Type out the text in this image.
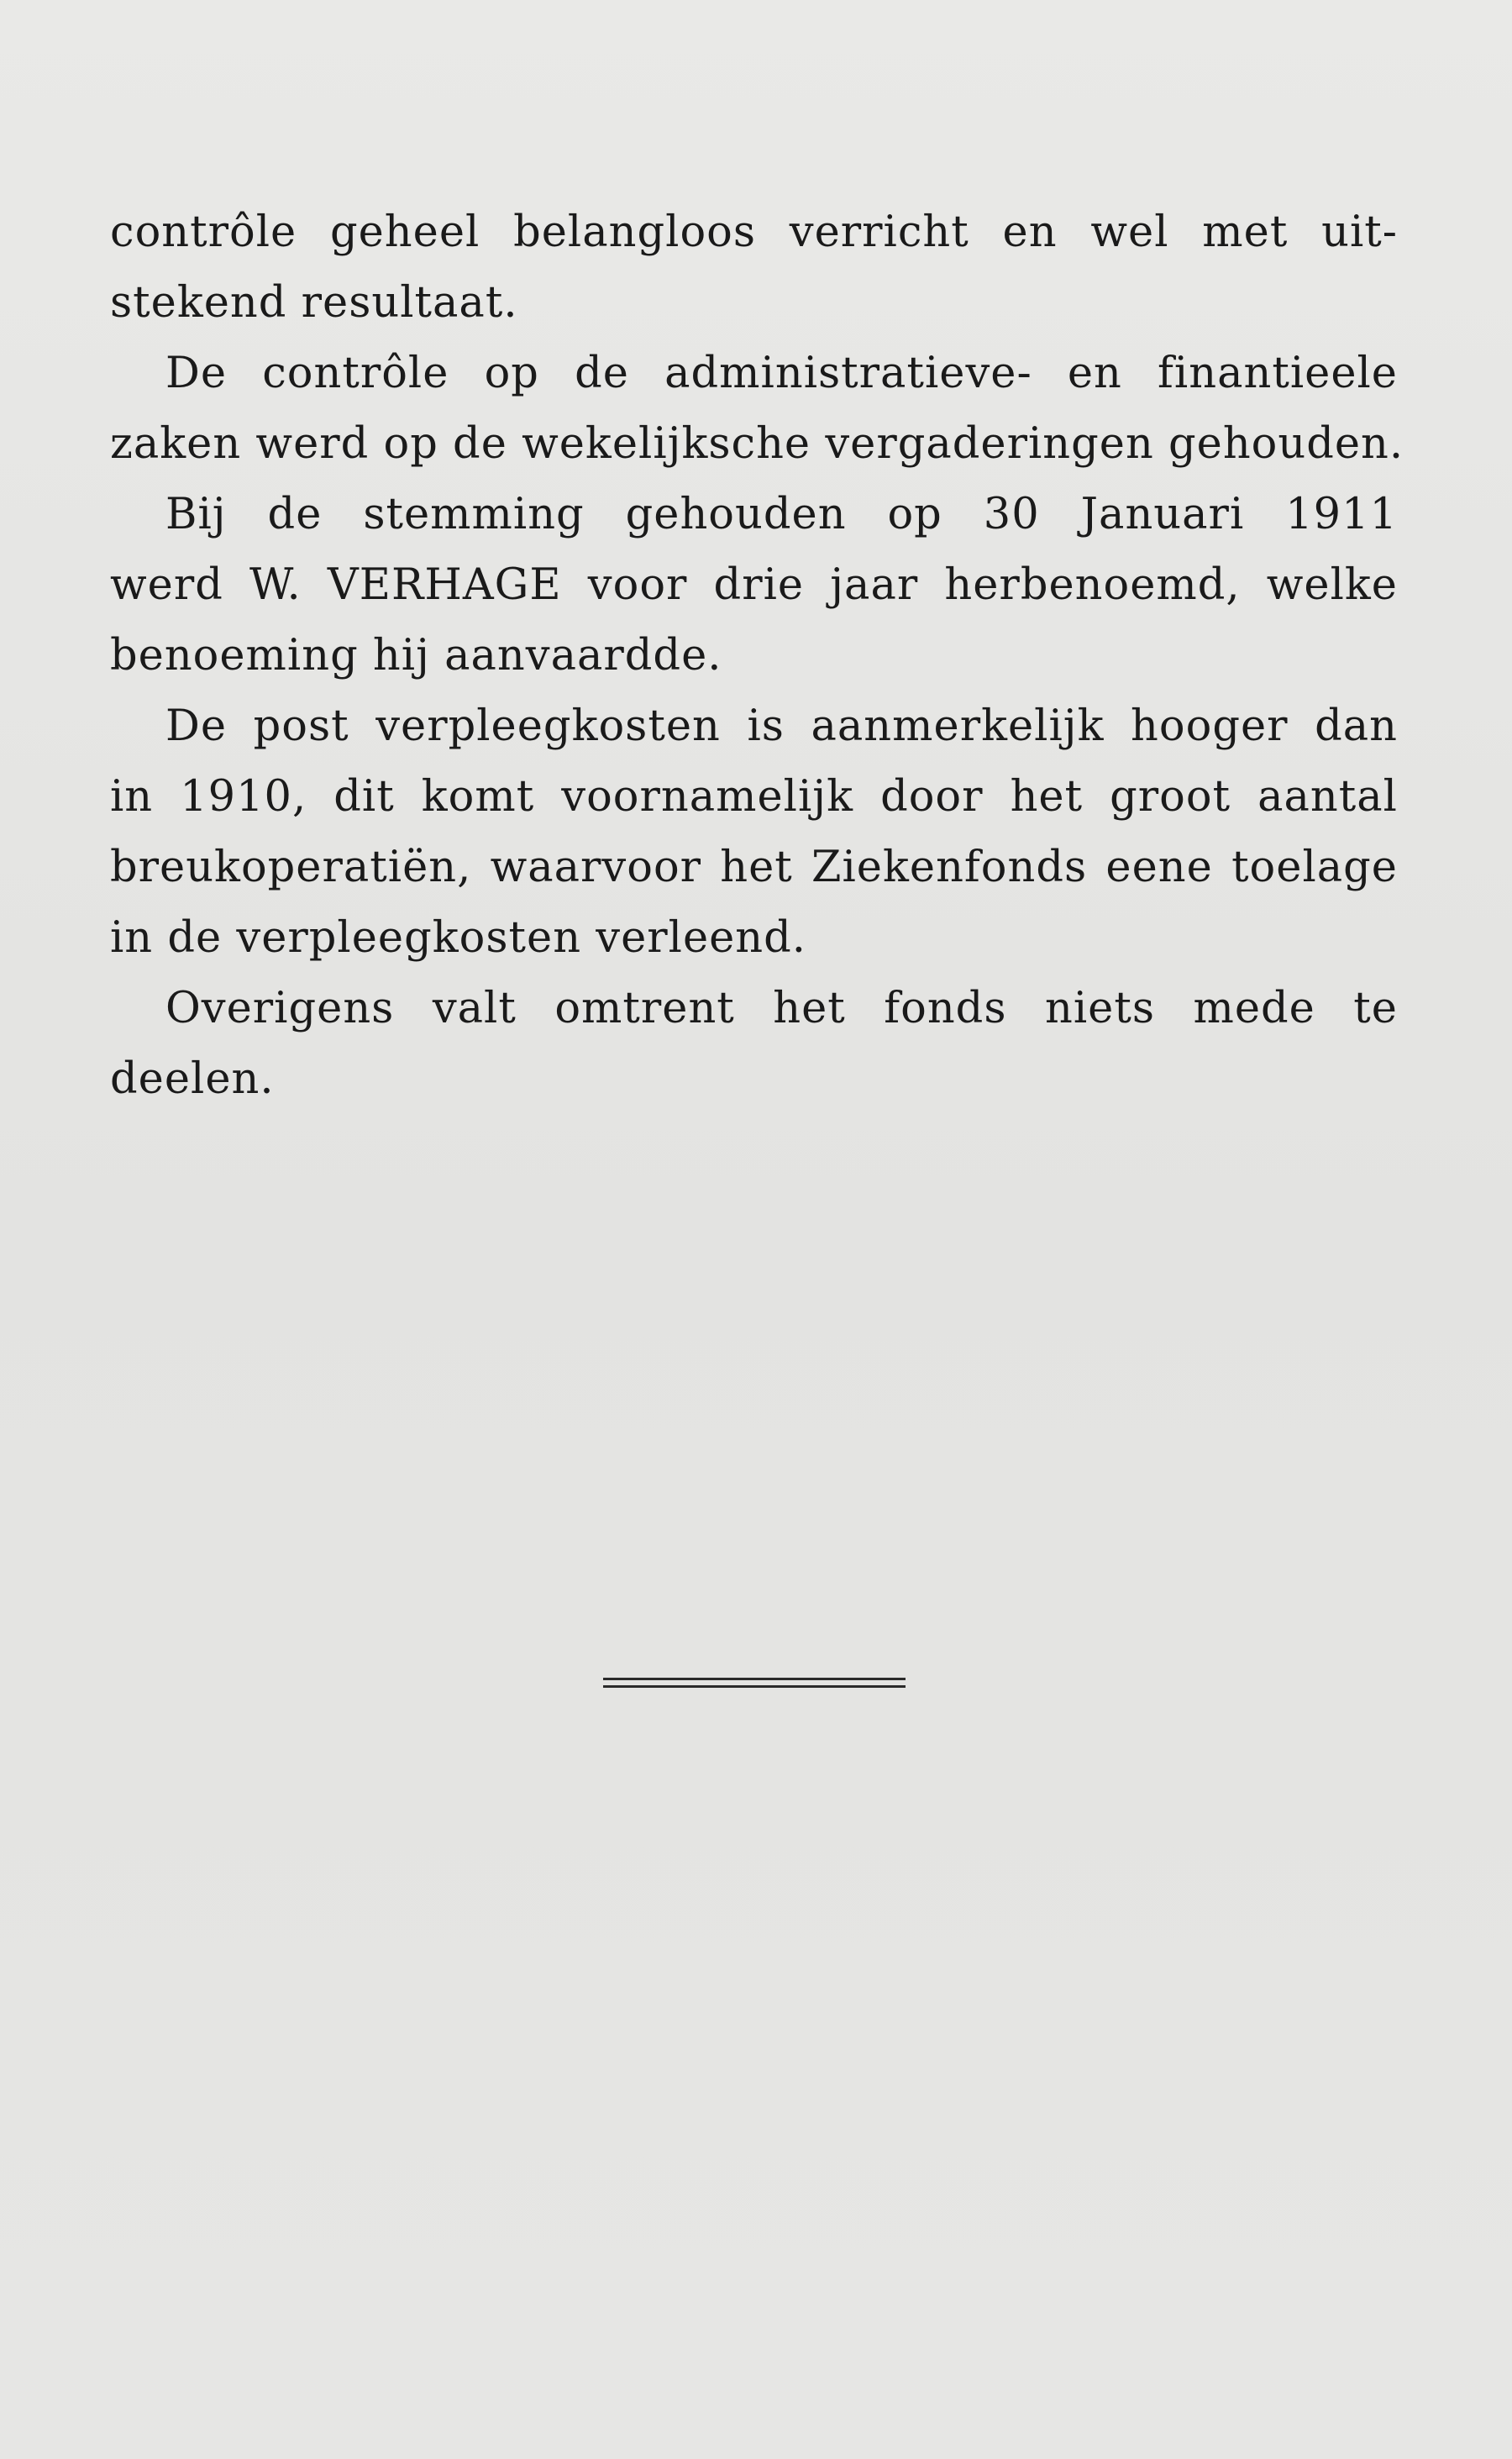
contrôle geheel belangloos verricht en wel met uit-
stekend resultaat.
De contrôle op de administratieve- en finantieele
zaken werd op de wekelijksche vergaderingen gehouden.
Bij de stemming gehouden op 30 Januari 1911
werd W. VERHAGE voor drie jaar herbenoemd, welke
benoeming hij aanvaardde.
De post verpleegkosten is aanmerkelijk hooger dan
in 1910, dit komt voornamelijk door het groot aantal
breukoperatiën, waarvoor het Ziekenfonds eene toelage
in de verpleegkosten verleend.
Overigens valt omtrent het fonds niets mede te
deelen.
